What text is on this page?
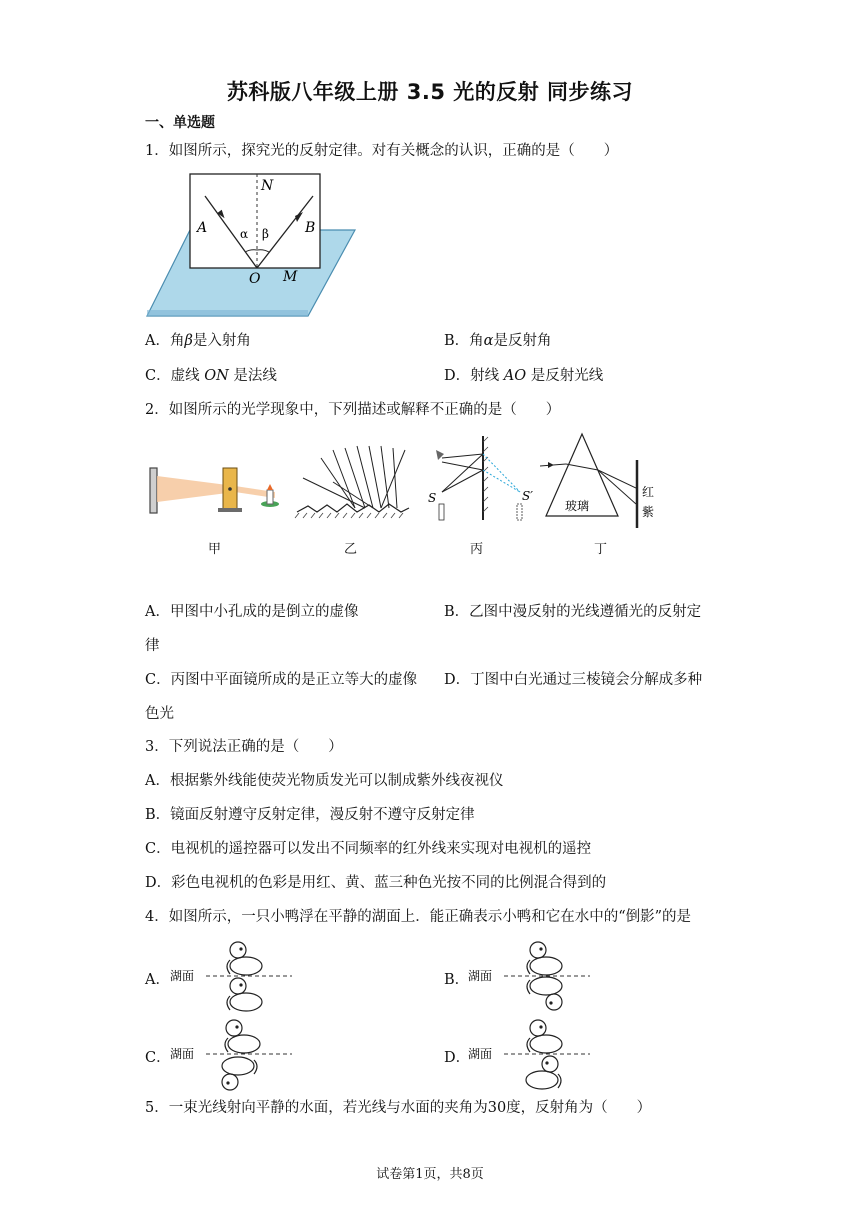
苏科版八年级上册 3.5 光的反射 同步练习
一、单选题
1．如图所示，探究光的反射定律。对有关概念的认识，正确的是（　　）
N
A	B
α β
O M
A．角β是入射角	B．角α是反射角
C．虚线 ON 是法线	D．射线 AO 是反射光线
2．如图所示的光学现象中，下列描述或解释不正确的是（　　）
甲	乙
S	S′
丙
玻璃
红
紫
丁
A．甲图中小孔成的是倒立的虚像	B．乙图中漫反射的光线遵循光的反射定
律
C．丙图中平面镜所成的是正立等大的虚像 D．丁图中白光通过三棱镜会分解成多种
色光
3．下列说法正确的是（　　）
A．根据紫外线能使荧光物质发光可以制成紫外线夜视仪
B．镜面反射遵守反射定律，漫反射不遵守反射定律
C．电视机的遥控器可以发出不同频率的红外线来实现对电视机的遥控
D．彩色电视机的色彩是用红、黄、蓝三种色光按不同的比例混合得到的
4．如图所示，一只小鸭浮在平静的湖面上．能正确表示小鸭和它在水中的“倒影”的是
A． 湖面	B．
湖面
C． 湖面	D．
湖面
5．一束光线射向平静的水面，若光线与水面的夹角为30度，反射角为（　　）
试卷第1页，共8页
